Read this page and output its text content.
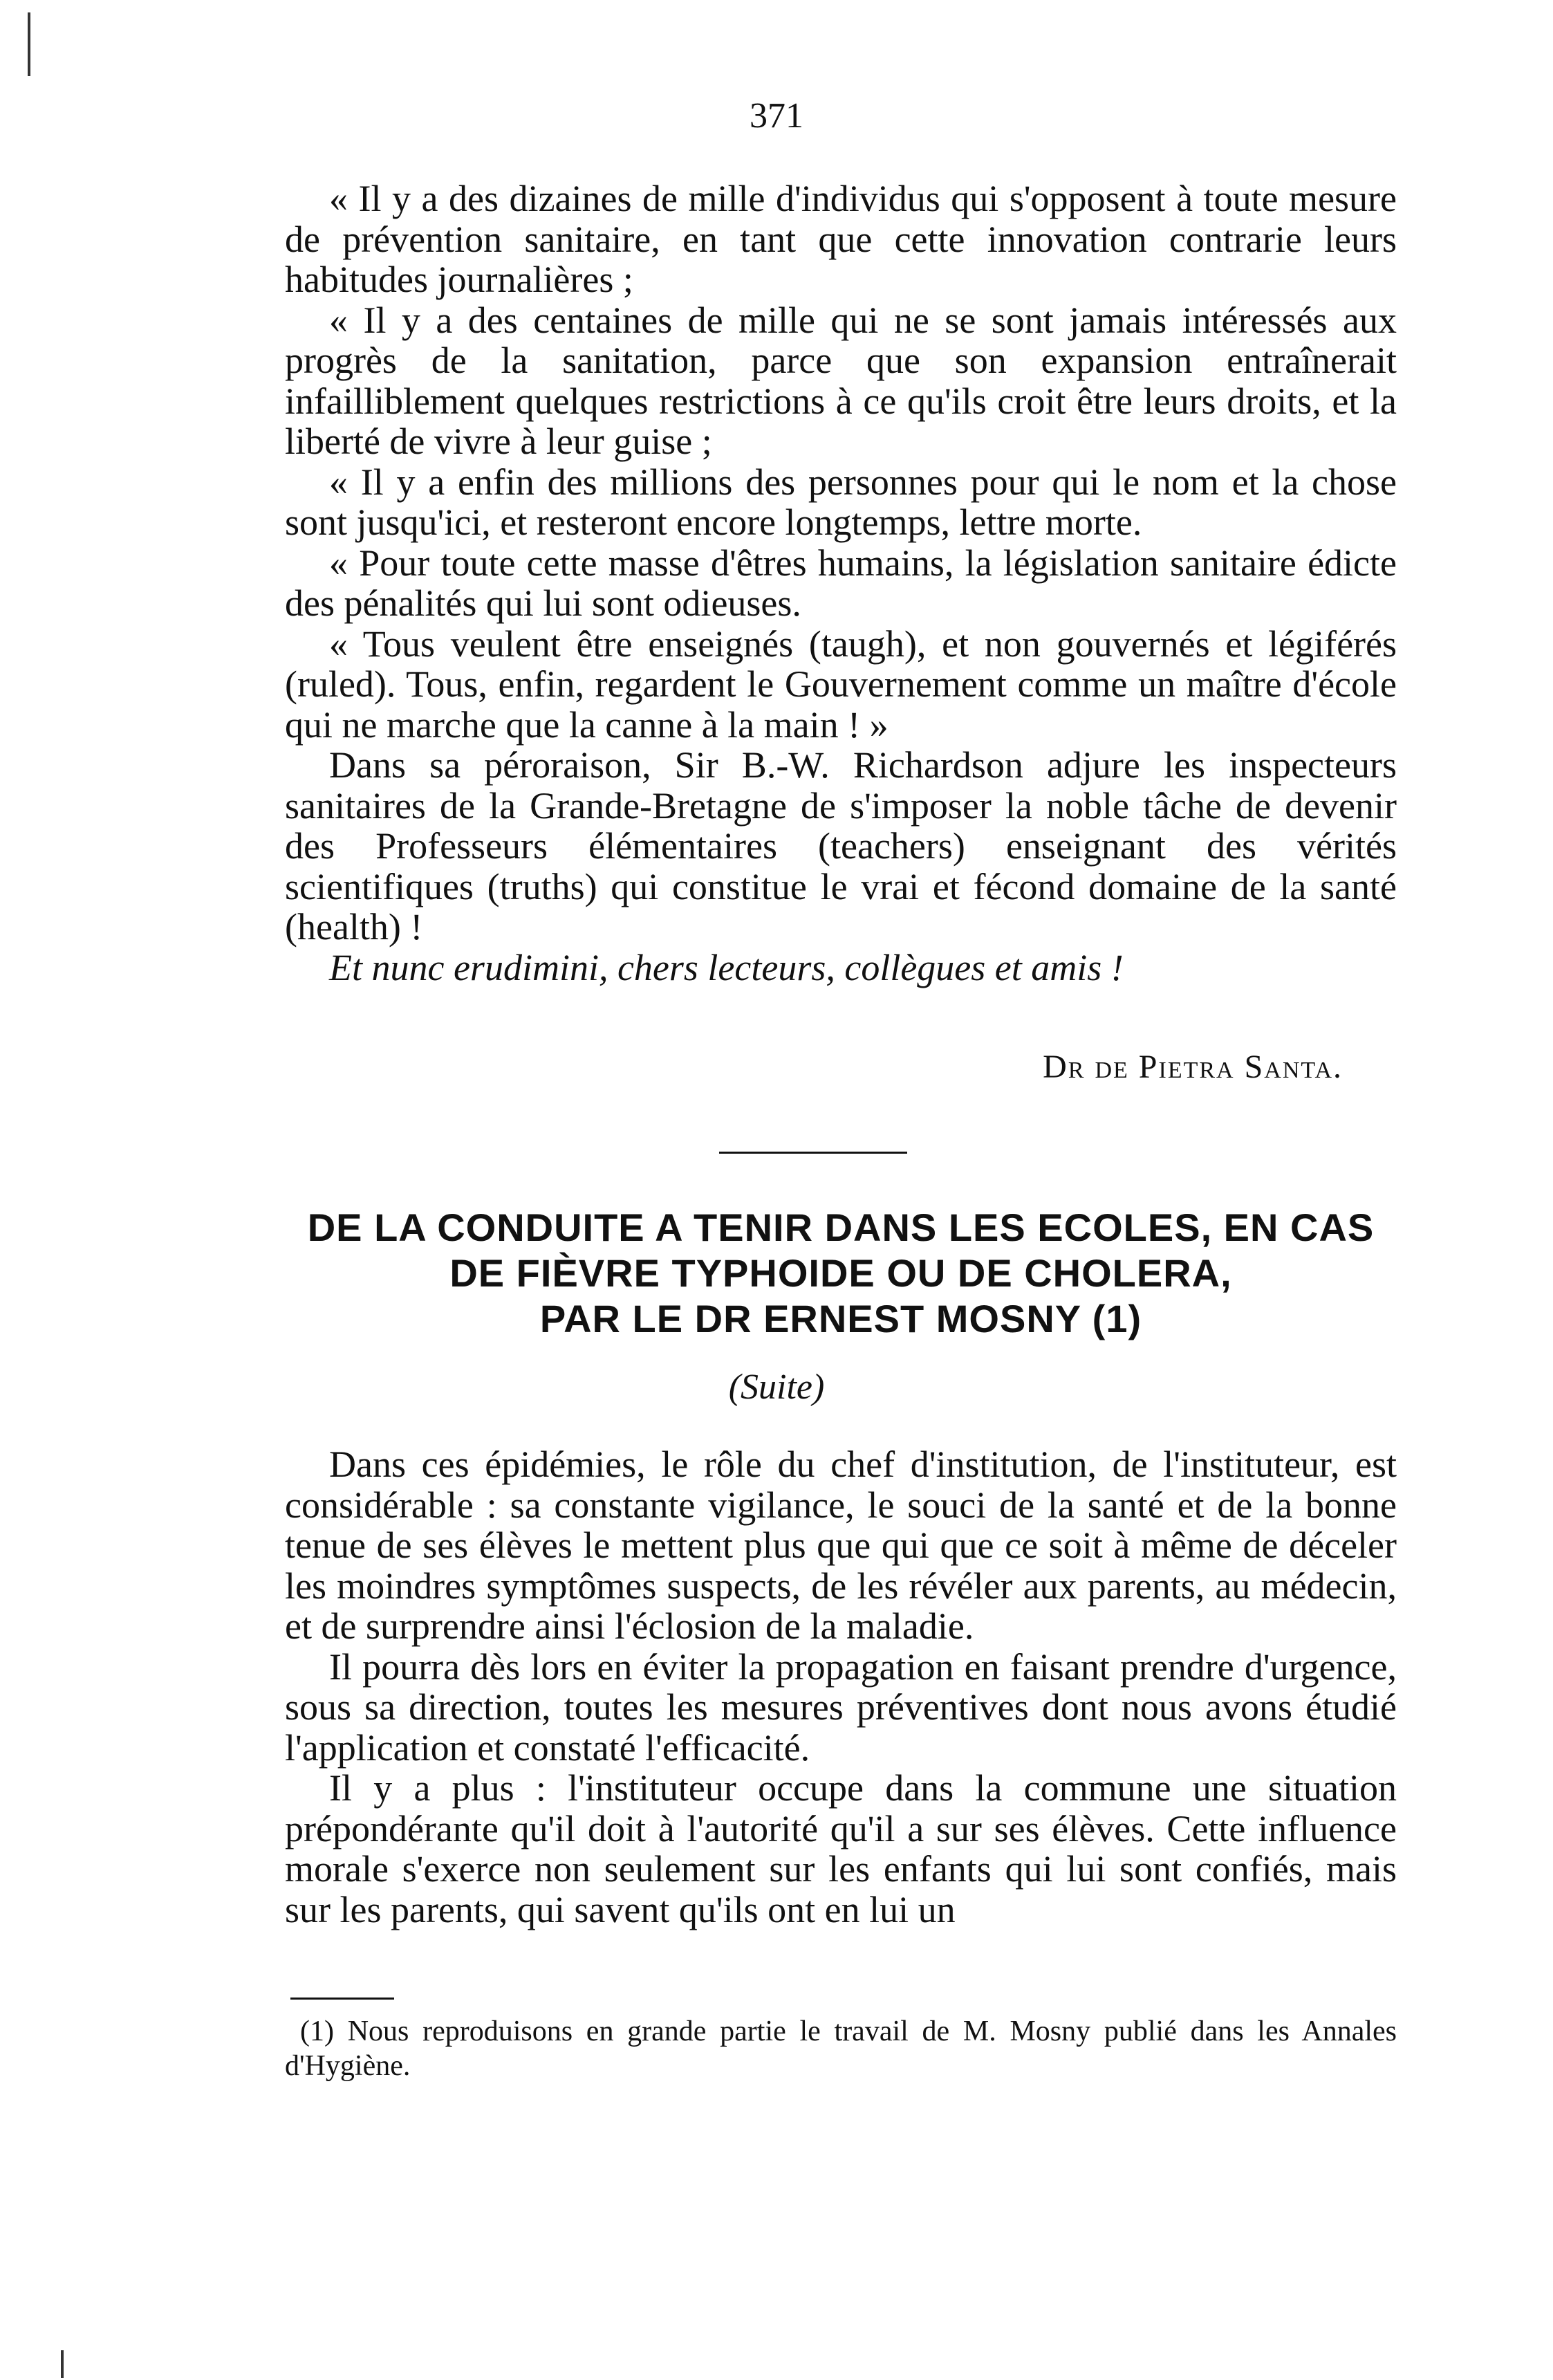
371

« Il y a des dizaines de mille d'individus qui s'opposent à toute mesure de prévention sanitaire, en tant que cette innovation contrarie leurs habitudes journalières ;

« Il y a des centaines de mille qui ne se sont jamais intéressés aux progrès de la sanitation, parce que son expansion entraînerait infailliblement quelques restrictions à ce qu'ils croit être leurs droits, et la liberté de vivre à leur guise ;

« Il y a enfin des millions des personnes pour qui le nom et la chose sont jusqu'ici, et resteront encore longtemps, lettre morte.

« Pour toute cette masse d'êtres humains, la législation sanitaire édicte des pénalités qui lui sont odieuses.

« Tous veulent être enseignés (taugh), et non gouvernés et légiférés (ruled). Tous, enfin, regardent le Gouvernement comme un maître d'école qui ne marche que la canne à la main ! »

Dans sa péroraison, Sir B.-W. Richardson adjure les inspecteurs sanitaires de la Grande-Bretagne de s'imposer la noble tâche de devenir des Professeurs élémentaires (teachers) enseignant des vérités scientifiques (truths) qui constitue le vrai et fécond domaine de la santé (health) !

Et nunc erudimini, chers lecteurs, collègues et amis !

Dr de Pietra Santa.
DE LA CONDUITE A TENIR DANS LES ECOLES, EN CAS
DE FIÈVRE TYPHOIDE OU DE CHOLERA,
PAR LE DR ERNEST MOSNY (1)
(Suite)

Dans ces épidémies, le rôle du chef d'institution, de l'instituteur, est considérable : sa constante vigilance, le souci de la santé et de la bonne tenue de ses élèves le mettent plus que qui que ce soit à même de déceler les moindres symptômes suspects, de les révéler aux parents, au médecin, et de surprendre ainsi l'éclosion de la maladie.

Il pourra dès lors en éviter la propagation en faisant prendre d'urgence, sous sa direction, toutes les mesures préventives dont nous avons étudié l'application et constaté l'efficacité.

Il y a plus : l'instituteur occupe dans la commune une situation prépondérante qu'il doit à l'autorité qu'il a sur ses élèves. Cette influence morale s'exerce non seulement sur les enfants qui lui sont confiés, mais sur les parents, qui savent qu'ils ont en lui un

(1) Nous reproduisons en grande partie le travail de M. Mosny publié dans les Annales d'Hygiène.
